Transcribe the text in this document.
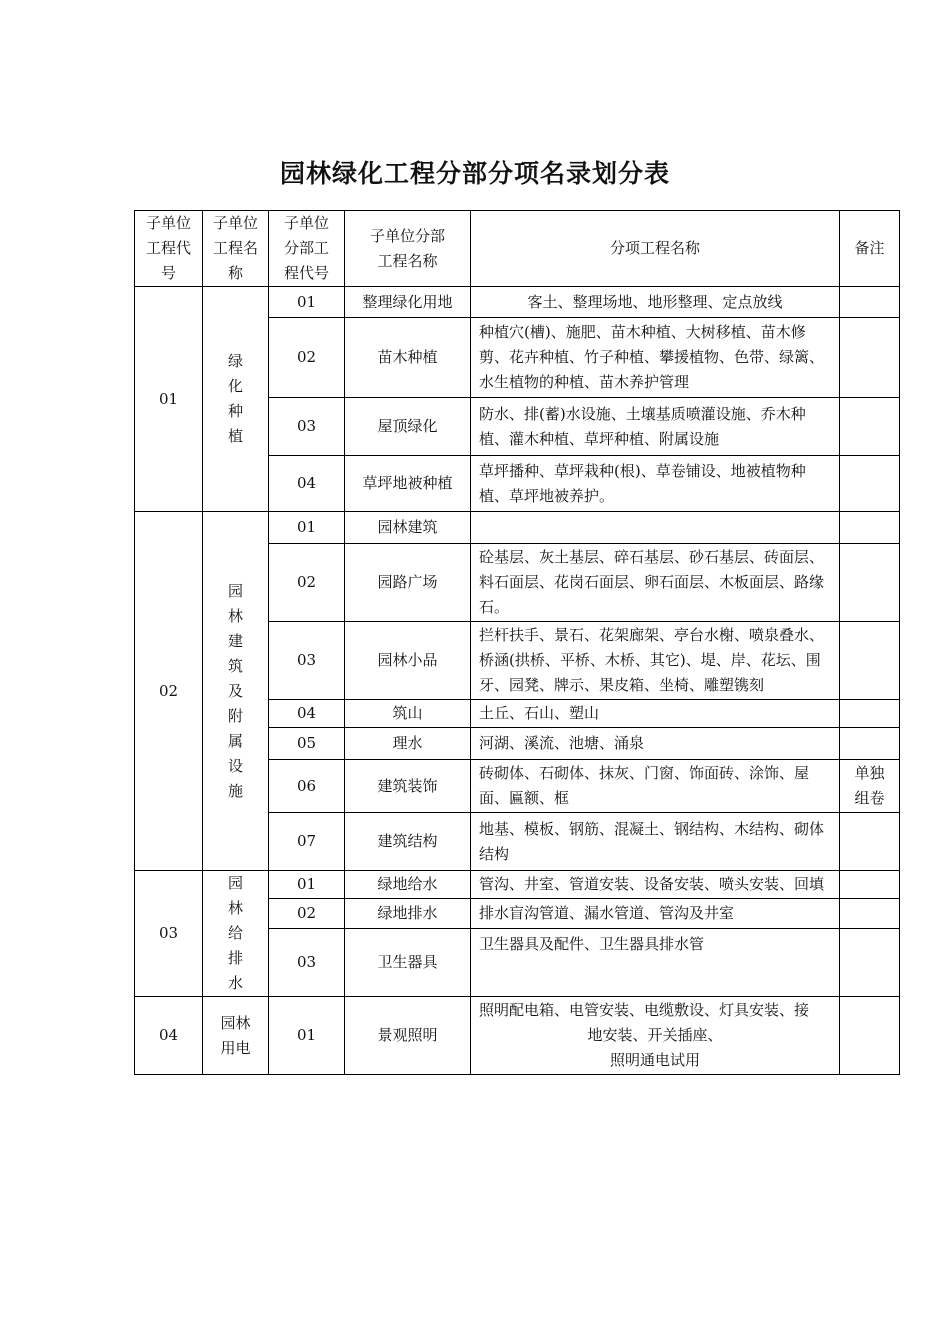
园林绿化工程分部分项名录划分表
子单位工程代号	子单位工程名称	子单位分部工程代号	子单位分部工程名称	分项工程名称	备注
01	绿化种植	01	整理绿化用地	客土、整理场地、地形整理、定点放线	
		02	苗木种植	种植穴(槽)、施肥、苗木种植、大树移植、苗木修剪、花卉种植、竹子种植、攀援植物、色带、绿篱、水生植物的种植、苗木养护管理	
		03	屋顶绿化	防水、排(蓄)水设施、土壤基质喷灌设施、乔木种植、灌木种植、草坪种植、附属设施	
		04	草坪地被种植	草坪播种、草坪栽种(根)、草卷铺设、地被植物种植、草坪地被养护。	
02	园林建筑及附属设施	01	园林建筑		
		02	园路广场	砼基层、灰土基层、碎石基层、砂石基层、砖面层、料石面层、花岗石面层、卵石面层、木板面层、路缘石。	
		03	园林小品	拦杆扶手、景石、花架廊架、亭台水榭、喷泉叠水、桥涵(拱桥、平桥、木桥、其它)、堤、岸、花坛、围牙、园凳、牌示、果皮箱、坐椅、雕塑镌刻	
		04	筑山	土丘、石山、塑山	
		05	理水	河湖、溪流、池塘、涌泉	
		06	建筑装饰	砖砌体、石砌体、抹灰、门窗、饰面砖、涂饰、屋面、匾额、框	单独组卷
		07	建筑结构	地基、模板、钢筋、混凝土、钢结构、木结构、砌体结构	
03	园林给排水	01	绿地给水	管沟、井室、管道安装、设备安装、喷头安装、回填	
		02	绿地排水	排水盲沟管道、漏水管道、管沟及井室	
		03	卫生器具	卫生器具及配件、卫生器具排水管	
04	园林用电	01	景观照明	照明配电箱、电管安装、电缆敷设、灯具安装、接
地安装、开关插座、
照明通电试用	
